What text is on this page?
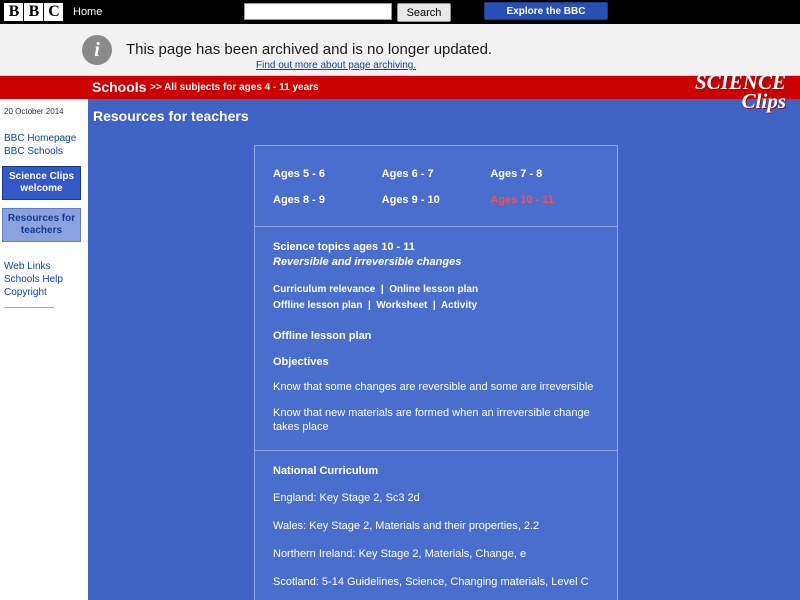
B B C	Home	Search	Explore the BBC
i	This page has been archived and is no longer updated.
Find out more about page archiving.
Schools >> All subjects for ages 4 - 11 years
20 October 2014
BBC Homepage
BBC Schools
Science Clips welcome
Resources for teachers
Web Links
Schools Help
Copyright
SCIENCE
Clips
Resources for teachers
Ages 5 - 6	Ages 6 - 7	Ages 7 - 8
Ages 8 - 9	Ages 9 - 10	Ages 10 - 11
Science topics ages 10 - 11
Reversible and irreversible changes
Curriculum relevance  |  Online lesson plan
Offline lesson plan  |  Worksheet  |  Activity
Offline lesson plan
Objectives
Know that some changes are reversible and some are irreversible
Know that new materials are formed when an irreversible change takes place
National Curriculum
England: Key Stage 2, Sc3 2d
Wales: Key Stage 2, Materials and their properties, 2.2
Northern Ireland: Key Stage 2, Materials, Change, e
Scotland: 5-14 Guidelines, Science, Changing materials, Level C
